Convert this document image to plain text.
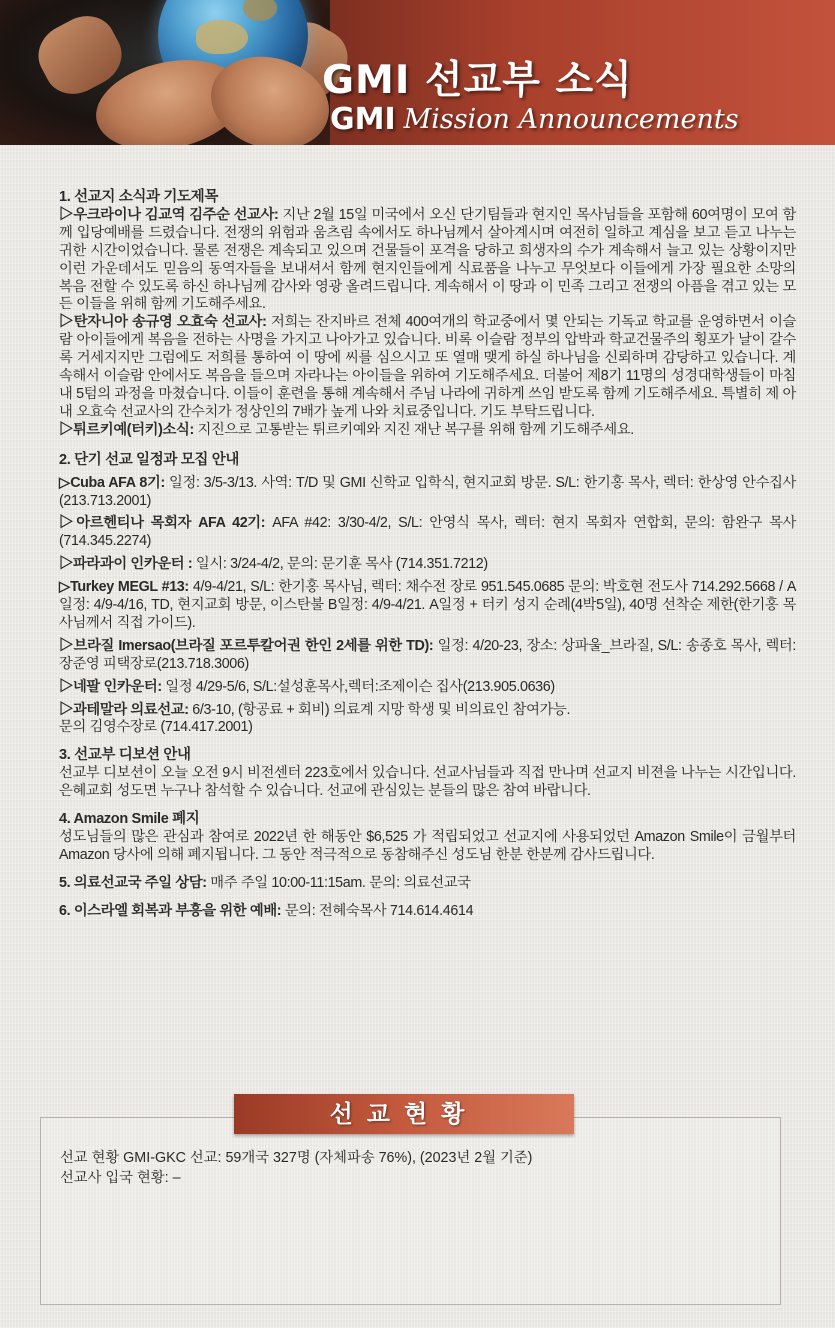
GMI 선교부 소식
GMI Mission Announcements
1. 선교지 소식과 기도제목

▷우크라이나 김교역 김주순 선교사: 지난 2월 15일 미국에서 오신 단기팀들과 현지인 목사님들을 포함해 60여명이 모여 함께 입당예배를 드렸습니다. 전쟁의 위험과 움츠림 속에서도 하나님께서 살아계시며 여전히 일하고 계심을 보고 듣고 나누는 귀한 시간이었습니다. 물론 전쟁은 계속되고 있으며 건물들이 포격을 당하고 희생자의 수가 계속해서 늘고 있는 상황이지만 이런 가운데서도 믿음의 동역자들을 보내셔서 함께 현지인들에게 식료품을 나누고 무엇보다 이들에게 가장 필요한 소망의 복음 전할 수 있도록 하신 하나님께 감사와 영광 올려드립니다. 계속해서 이 땅과 이 민족 그리고 전쟁의 아픔을 겪고 있는 모든 이들을 위해 함께 기도해주세요.

▷탄자니아 송규영 오효숙 선교사: 저희는 잔지바르 전체 400여개의 학교중에서 몇 안되는 기독교 학교를 운영하면서 이슬람 아이들에게 복음을 전하는 사명을 가지고 나아가고 있습니다. 비록 이슬람 정부의 압박과 학교건물주의 횡포가 날이 갈수록 거세지지만 그럼에도 저희를 통하여 이 땅에 씨를 심으시고 또 열매 맺게 하실 하나님을 신뢰하며 감당하고 있습니다. 계속해서 이슬람 안에서도 복음을 들으며 자라나는 아이들을 위하여 기도해주세요. 더불어 제8기 11명의 성경대학생들이 마침내 5텀의 과정을 마쳤습니다. 이들이 훈련을 통해 계속해서 주님 나라에 귀하게 쓰임 받도록 함께 기도해주세요. 특별히 제 아내 오효숙 선교사의 간수치가 정상인의 7배가 높게 나와 치료중입니다. 기도 부탁드립니다.

▷튀르키예(터키)소식: 지진으로 고통받는 튀르키예와 지진 재난 복구를 위해 함께 기도해주세요.

2. 단기 선교 일정과 모집 안내

▷Cuba AFA 8기: 일정: 3/5-3/13. 사역: T/D 및 GMI 신학교 입학식, 현지교회 방문. S/L: 한기홍 목사, 렉터: 한상영 안수집사(213.713.2001)

▷아르헨티나 목회자 AFA 42기: AFA #42: 3/30-4/2, S/L: 안영식 목사, 렉터: 현지 목회자 연합회, 문의: 함완구 목사 (714.345.2274)

▷파라과이 인카운터 : 일시: 3/24-4/2, 문의: 문기훈 목사 (714.351.7212)

▷Turkey MEGL #13: 4/9-4/21, S/L: 한기홍 목사님, 렉터: 채수전 장로 951.545.0685 문의: 박호현 전도사 714.292.5668 / A일정: 4/9-4/16, TD, 현지교회 방문, 이스탄불 B일정: 4/9-4/21. A일정 + 터키 성지 순례(4박5일), 40명 선착순 제한(한기홍 목사님께서 직접 가이드).

▷브라질 Imersao(브라질 포르투칼어권 한인 2세를 위한 TD): 일정: 4/20-23, 장소: 상파울_브라질, S/L: 송종호 목사, 렉터: 장준영 피택장로(213.718.3006)

▷네팔 인카운터: 일정 4/29-5/6, S/L:설성훈목사,렉터:조제이슨 집사(213.905.0636)

▷과테말라 의료선교: 6/3-10, (항공료 + 회비) 의료계 지망 학생 및 비의료인 참여가능.

문의 김영수장로 (714.417.2001)

3. 선교부 디보션 안내

선교부 디보션이 오늘 오전 9시 비전센터 223호에서 있습니다. 선교사님들과 직접 만나며 선교지 비젼을 나누는 시간입니다. 은혜교회 성도면 누구나 참석할 수 있습니다. 선교에 관심있는 분들의 많은 참여 바랍니다.

4. Amazon Smile 폐지

성도님들의 많은 관심과 참여로 2022년 한 해동안 $6,525 가 적립되었고 선교지에 사용되었던 Amazon Smile이 금월부터 Amazon 당사에 의해 폐지됩니다. 그 동안 적극적으로 동참해주신 성도님 한분 한분께 감사드립니다.

5. 의료선교국 주일 상담: 매주 주일 10:00-11:15am. 문의: 의료선교국

6. 이스라엘 회복과 부흥을 위한 예배: 문의: 전혜숙목사 714.614.4614

선교현황
선교 현황 GMI-GKC 선교: 59개국 327명 (자체파송 76%), (2023년 2월 기준)
선교사 입국 현황: –
